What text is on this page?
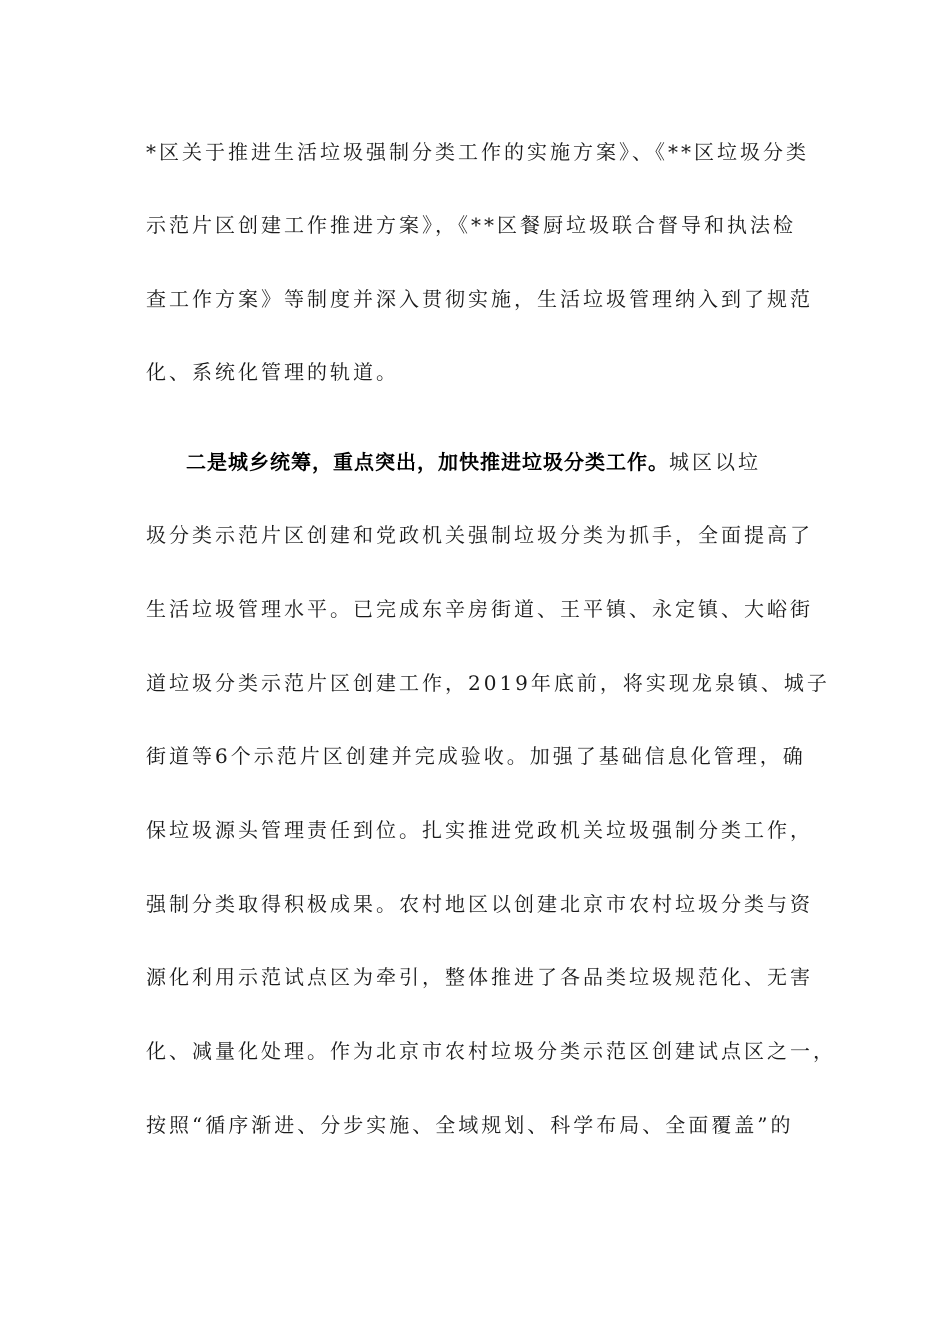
*区关于推进生活垃圾强制分类工作的实施方案》、《**区垃圾分类
示范片区创建工作推进方案》，《**区餐厨垃圾联合督导和执法检
查工作方案》等制度并深入贯彻实施，生活垃圾管理纳入到了规范
化、系统化管理的轨道。
二是城乡统筹，重点突出，加快推进垃圾分类工作。城区以垃
圾分类示范片区创建和党政机关强制垃圾分类为抓手，全面提高了
生活垃圾管理水平。已完成东辛房街道、王平镇、永定镇、大峪街
道垃圾分类示范片区创建工作，2019年底前，将实现龙泉镇、城子
街道等6个示范片区创建并完成验收。加强了基础信息化管理，确
保垃圾源头管理责任到位。扎实推进党政机关垃圾强制分类工作，
强制分类取得积极成果。农村地区以创建北京市农村垃圾分类与资
源化利用示范试点区为牵引，整体推进了各品类垃圾规范化、无害
化、减量化处理。作为北京市农村垃圾分类示范区创建试点区之一，
按照“循序渐进、分步实施、全域规划、科学布局、全面覆盖”的
